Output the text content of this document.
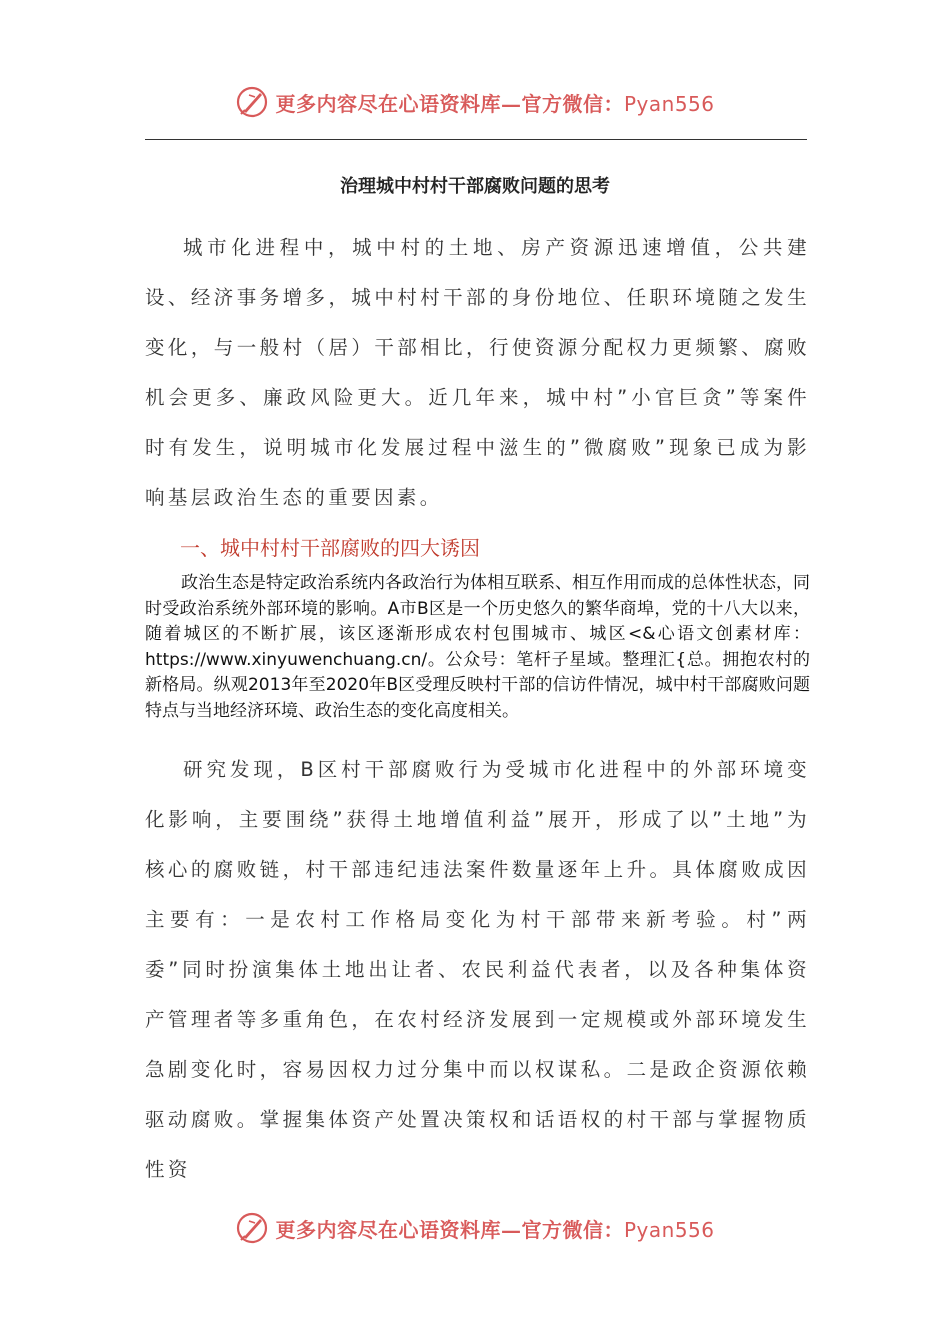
更多内容尽在心语资料库—官方微信：Pyan556
治理城中村村干部腐败问题的思考
城市化进程中，城中村的土地、房产资源迅速增值，公共建设、经济事务增多，城中村村干部的身份地位、任职环境随之发生变化，与一般村（居）干部相比，行使资源分配权力更频繁、腐败机会更多、廉政风险更大。近几年来，城中村”小官巨贪”等案件时有发生，说明城市化发展过程中滋生的”微腐败”现象已成为影响基层政治生态的重要因素。
一、城中村村干部腐败的四大诱因
政治生态是特定政治系统内各政治行为体相互联系、相互作用而成的总体性状态，同时受政治系统外部环境的影响。A市B区是一个历史悠久的繁华商埠，党的十八大以来，随着城区的不断扩展，该区逐渐形成农村包围城市、城区<&心语文创素材库：https://www.xinyuwenchuang.cn/。公众号：笔杆子星域。整理汇{总。拥抱农村的新格局。纵观2013年至2020年B区受理反映村干部的信访件情况，城中村干部腐败问题特点与当地经济环境、政治生态的变化高度相关。
研究发现，B区村干部腐败行为受城市化进程中的外部环境变化影响，主要围绕”获得土地增值利益”展开，形成了以”土地”为核心的腐败链，村干部违纪违法案件数量逐年上升。具体腐败成因主要有：一是农村工作格局变化为村干部带来新考验。村”两委”同时扮演集体土地出让者、农民利益代表者，以及各种集体资产管理者等多重角色，在农村经济发展到一定规模或外部环境发生急剧变化时，容易因权力过分集中而以权谋私。二是政企资源依赖驱动腐败。掌握集体资产处置决策权和话语权的村干部与掌握物质性资
更多内容尽在心语资料库—官方微信：Pyan556
